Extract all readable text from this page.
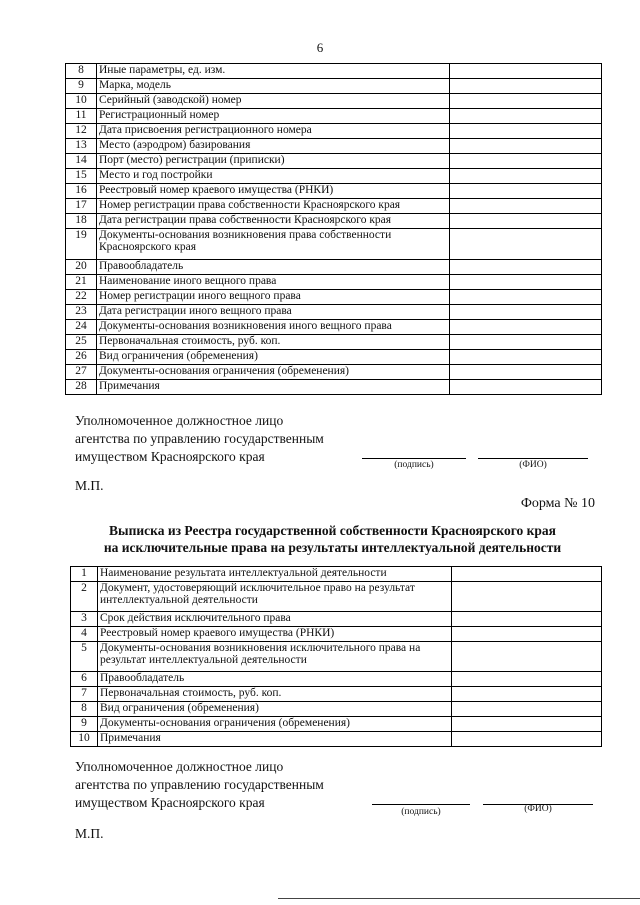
6
8	Иные параметры, ед. изм.	
9	Марка, модель	
10	Серийный (заводской) номер	
11	Регистрационный номер	
12	Дата присвоения регистрационного номера	
13	Место (аэродром) базирования	
14	Порт (место) регистрации (приписки)	
15	Место и год постройки	
16	Реестровый номер краевого имущества (РНКИ)	
17	Номер регистрации права собственности Красноярского края	
18	Дата регистрации права собственности Красноярского края	
19	Документы-основания возникновения права собственности Красноярского края	
20	Правообладатель	
21	Наименование иного вещного права	
22	Номер регистрации иного вещного права	
23	Дата регистрации иного вещного права	
24	Документы-основания возникновения иного вещного права	
25	Первоначальная стоимость, руб. коп.	
26	Вид ограничения (обременения)	
27	Документы-основания ограничения (обременения)	
28	Примечания	
Уполномоченное должностное лицо
агентства по управлению государственным
имуществом Красноярского края
(подпись)	(ФИО)
М.П.
Форма № 10
Выписка из Реестра государственной собственности Красноярского края
на исключительные права на результаты интеллектуальной деятельности
1	Наименование результата интеллектуальной деятельности	
2	Документ, удостоверяющий исключительное право на результат интеллектуальной деятельности	
3	Срок действия исключительного права	
4	Реестровый номер краевого имущества (РНКИ)	
5	Документы-основания возникновения исключительного права на результат интеллектуальной деятельности	
6	Правообладатель	
7	Первоначальная стоимость, руб. коп.	
8	Вид ограничения (обременения)	
9	Документы-основания ограничения (обременения)	
10	Примечания	
Уполномоченное должностное лицо
агентства по управлению государственным
имуществом Красноярского края
(подпись)	(ФИО)
М.П.
